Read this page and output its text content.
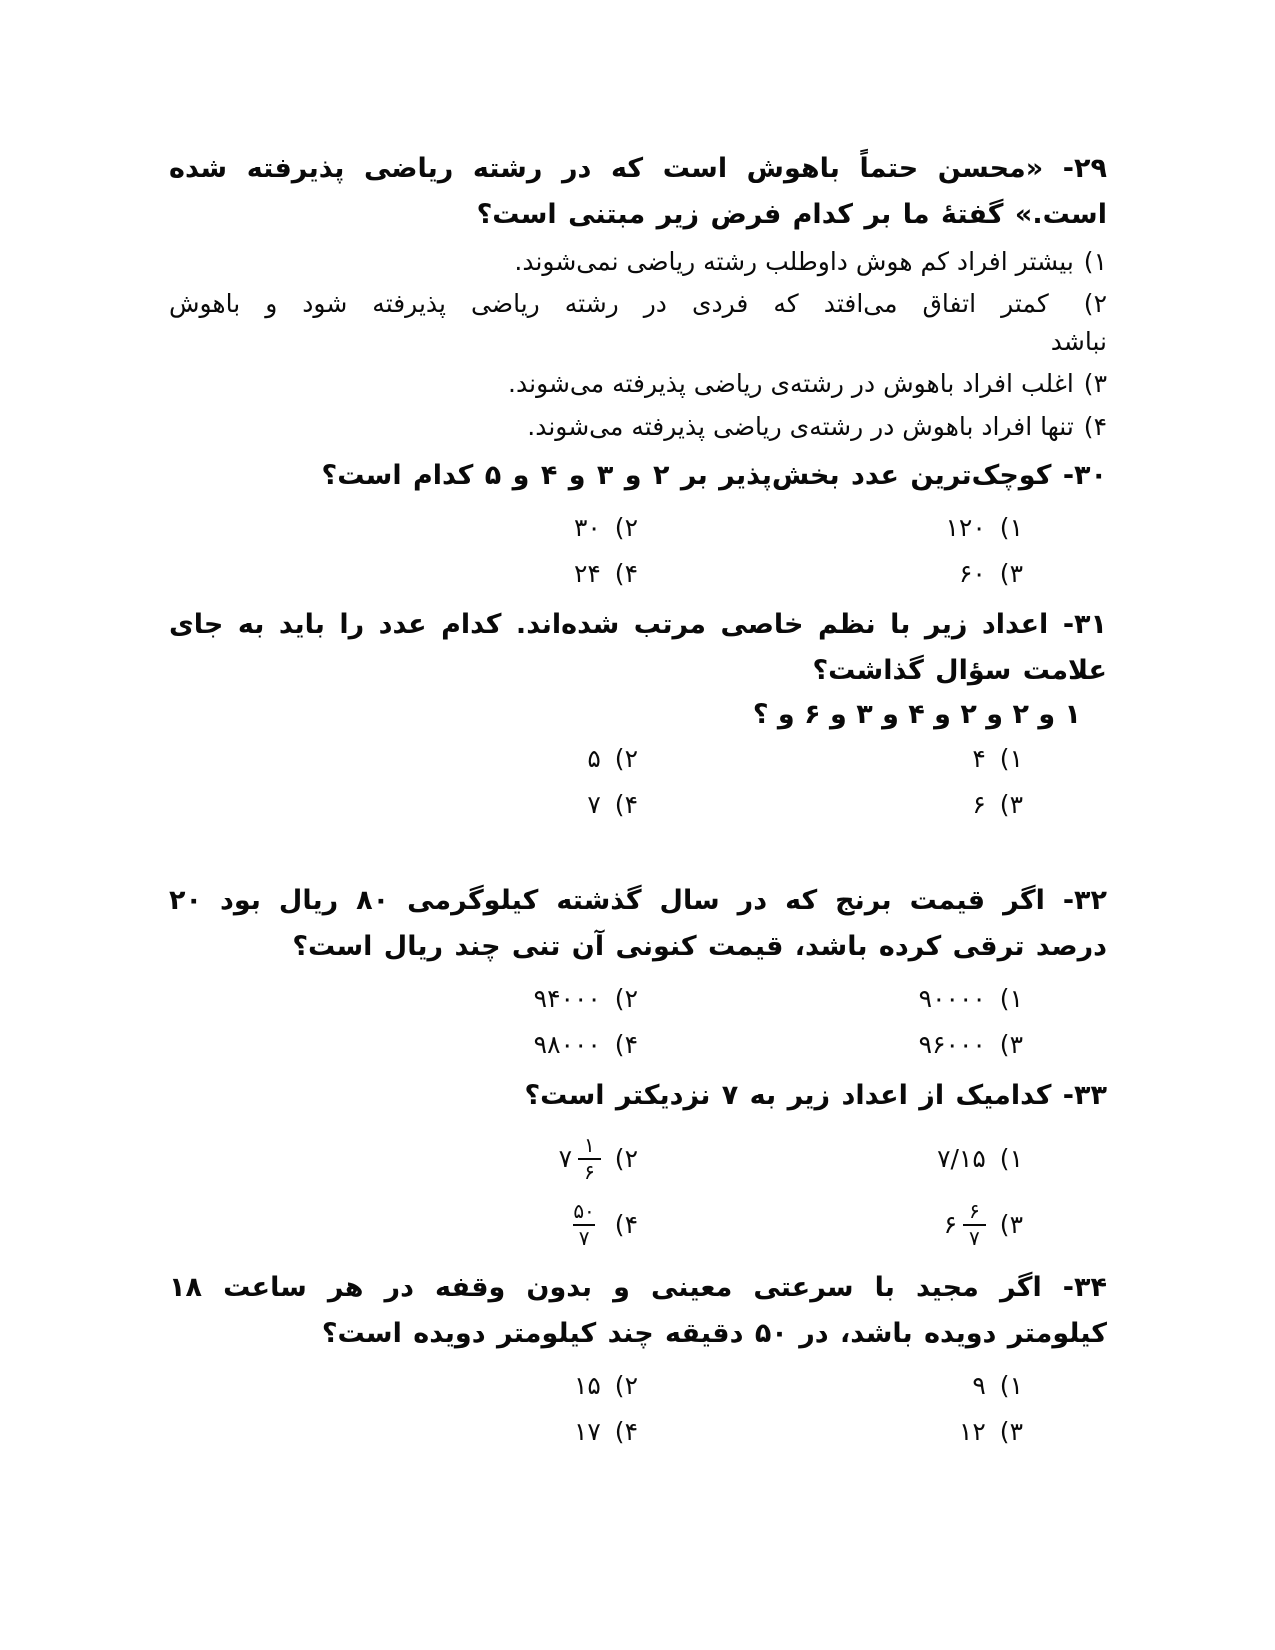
۲۹- «محسن حتماً باهوش است که در رشته ریاضی پذیرفته شده
است.» گفتهٔ ما بر کدام فرض زیر مبتنی است؟

۱)بیشتر افراد کم هوش داوطلب رشته ریاضی نمی‌شوند.

۲) کمتر اتفاق می‌افتد که فردی در رشته ریاضی پذیرفته شود و باهوش
نباشد

۳)اغلب افراد باهوش در رشته‌ی ریاضی پذیرفته می‌شوند.

۴)تنها افراد باهوش در رشته‌ی ریاضی پذیرفته می‌شوند.

۳۰- کوچک‌ترین عدد بخش‌پذیر بر ۲ و ۳ و ۴ و ۵ کدام است؟

۱)
۱۲۰
۲)
۳۰
۳)
۶۰
۴)
۲۴

۳۱- اعداد زیر با نظم خاصی مرتب شده‌اند. کدام عدد را باید به جای
علامت سؤال گذاشت؟

۱ و ۲ و ۲ و ۴ و ۳ و ۶ و ؟

۱)
۴
۲)
۵
۳)
۶
۴)
۷

۳۲- اگر قیمت برنج که در سال گذشته کیلوگرمی ۸۰ ریال بود ۲۰
درصد ترقی کرده باشد، قیمت کنونی آن تنی چند ریال است؟

۱)
۹۰۰۰۰
۲)
۹۴۰۰۰
۳)
۹۶۰۰۰
۴)
۹۸۰۰۰

۳۳- کدامیک از اعداد زیر به ۷ نزدیکتر است؟

۱)
۷/۱۵
۲)
۷ $\frac{۱}{۶}$
۳)
۶ $\frac{۶}{۷}$
۴)
$\frac{۵۰}{۷}$

۳۴- اگر مجید با سرعتی معینی و بدون وقفه در هر ساعت ۱۸
کیلومتر دویده باشد، در ۵۰ دقیقه چند کیلومتر دویده است؟

۱)
۹
۲)
۱۵
۳)
۱۲
۴)
۱۷
